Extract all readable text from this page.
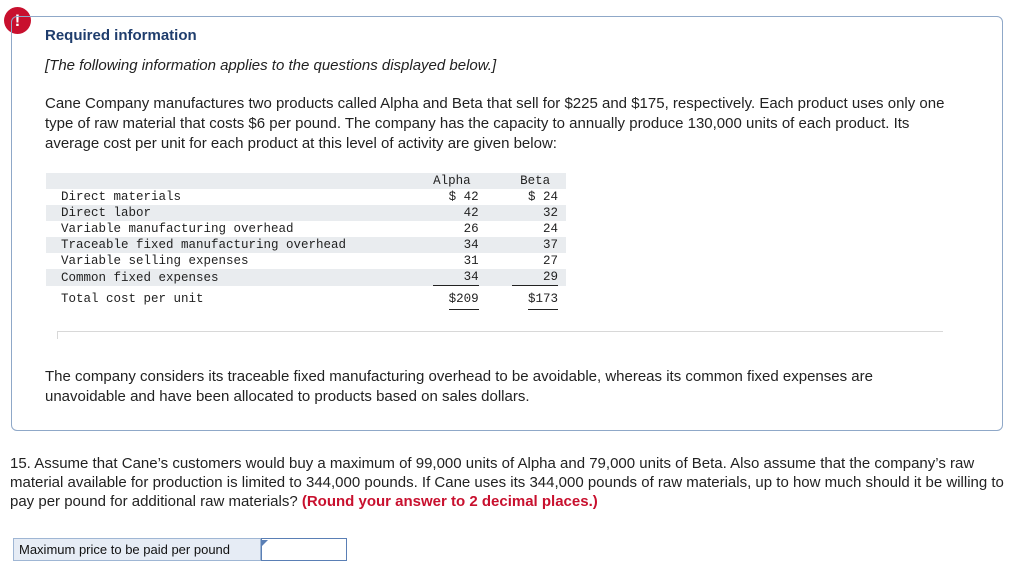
!
Required information
[The following information applies to the questions displayed below.]
Cane Company manufactures two products called Alpha and Beta that sell for $225 and $175, respectively. Each product uses only one type of raw material that costs $6 per pound. The company has the capacity to annually produce 130,000 units of each product. Its average cost per unit for each product at this level of activity are given below:
	Alpha		Beta
Direct materials	$ 42		$ 24
Direct labor	42		32
Variable manufacturing overhead	26		24
Traceable fixed manufacturing overhead	34		37
Variable selling expenses	31		27
Common fixed expenses	34		29
Total cost per unit	$209		$173
The company considers its traceable fixed manufacturing overhead to be avoidable, whereas its common fixed expenses are unavoidable and have been allocated to products based on sales dollars.
15. Assume that Cane’s customers would buy a maximum of 99,000 units of Alpha and 79,000 units of Beta. Also assume that the company’s raw material available for production is limited to 344,000 pounds. If Cane uses its 344,000 pounds of raw materials, up to how much should it be willing to pay per pound for additional raw materials? (Round your answer to 2 decimal places.)
Maximum price to be paid per pound
